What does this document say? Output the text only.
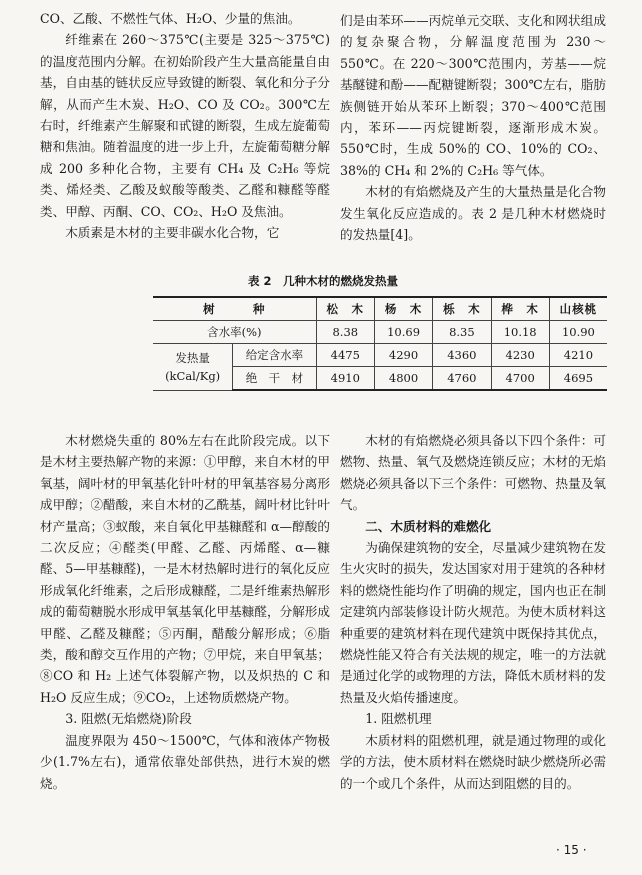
CO、乙酸、不燃性气体、H₂O、少量的焦油。

纤维素在 260～375℃(主要是 325～375℃)的温度范围内分解。在初始阶段产生大量高能量自由基，自由基的链状反应导致键的断裂、氧化和分子分解，从而产生木炭、H₂O、CO 及 CO₂。300℃左右时，纤维素产生解聚和甙键的断裂，生成左旋葡萄糖和焦油。随着温度的进一步上升，左旋葡萄糖分解成 200 多种化合物，主要有 CH₄ 及 C₂H₆ 等烷类、烯烃类、乙酸及蚁酸等酸类、乙醛和糠醛等醛类、甲醇、丙酮、CO、CO₂、H₂O 及焦油。

木质素是木材的主要非碳水化合物，它

们是由苯环——丙烷单元交联、支化和网状组成的复杂聚合物，分解温度范围为 230～550℃。在 220～300℃范围内，芳基——烷基醚键和酚——配糖键断裂；300℃左右，脂肪族侧链开始从苯环上断裂；370～400℃范围内，苯环——丙烷键断裂，逐渐形成木炭。550℃时，生成 50%的 CO、10%的 CO₂、38%的 CH₄ 和 2%的 C₂H₆ 等气体。

木材的有焰燃烧及产生的大量热量是化合物发生氧化反应造成的。表 2 是几种木材燃烧时的发热量[4]。

表 2　几种木材的燃烧发热量
树　　　种		松　木	杨　木	栎　木	桦　木	山核桃
含水率(%)		8.38	10.69	8.35	10.18	10.90
发热量
(kCal/Kg)	给定含水率	4475	4290	4360	4230	4210
	绝　干　材	4910	4800	4760	4700	4695

木材燃烧失重的 80%左右在此阶段完成。以下是木材主要热解产物的来源：①甲醇，来自木材的甲氧基，阔叶材的甲氧基化针叶材的甲氧基容易分离形成甲醇；②醋酸，来自木材的乙酰基，阔叶材比针叶材产量高；③蚁酸，来自氧化甲基糠醛和 α—醇酸的二次反应；④醛类(甲醛、乙醛、丙烯醛、α—糠醛、5—甲基糠醛)，一是木材热解时进行的氧化反应形成氧化纤维素，之后形成糠醛，二是纤维素热解形成的葡萄糖脱水形成甲氧基氧化甲基糠醛，分解形成甲醛、乙醛及糠醛；⑤丙酮，醋酸分解形成；⑥脂类，酸和醇交互作用的产物；⑦甲烷，来自甲氧基；⑧CO 和 H₂ 上述气体裂解产物，以及炽热的 C 和 H₂O 反应生成；⑨CO₂，上述物质燃烧产物。

3. 阻燃(无焰燃烧)阶段

温度界限为 450～1500℃，气体和液体产物极少(1.7%左右)，通常依靠处部供热，进行木炭的燃烧。

木材的有焰燃烧必须具备以下四个条件：可燃物、热量、氧气及燃烧连锁反应；木材的无焰燃烧必须具备以下三个条件：可燃物、热量及氧气。

二、木质材料的难燃化

为确保建筑物的安全，尽量减少建筑物在发生火灾时的损失，发达国家对用于建筑的各种材料的燃烧性能均作了明确的规定，国内也正在制定建筑内部装修设计防火规范。为使木质材料这种重要的建筑材料在现代建筑中既保持其优点，燃烧性能又符合有关法规的规定，唯一的方法就是通过化学的或物理的方法，降低木质材料的发热量及火焰传播速度。

1. 阻燃机理

木质材料的阻燃机理，就是通过物理的或化学的方法，使木质材料在燃烧时缺少燃烧所必需的一个或几个条件，从而达到阻燃的目的。

· 15 ·
